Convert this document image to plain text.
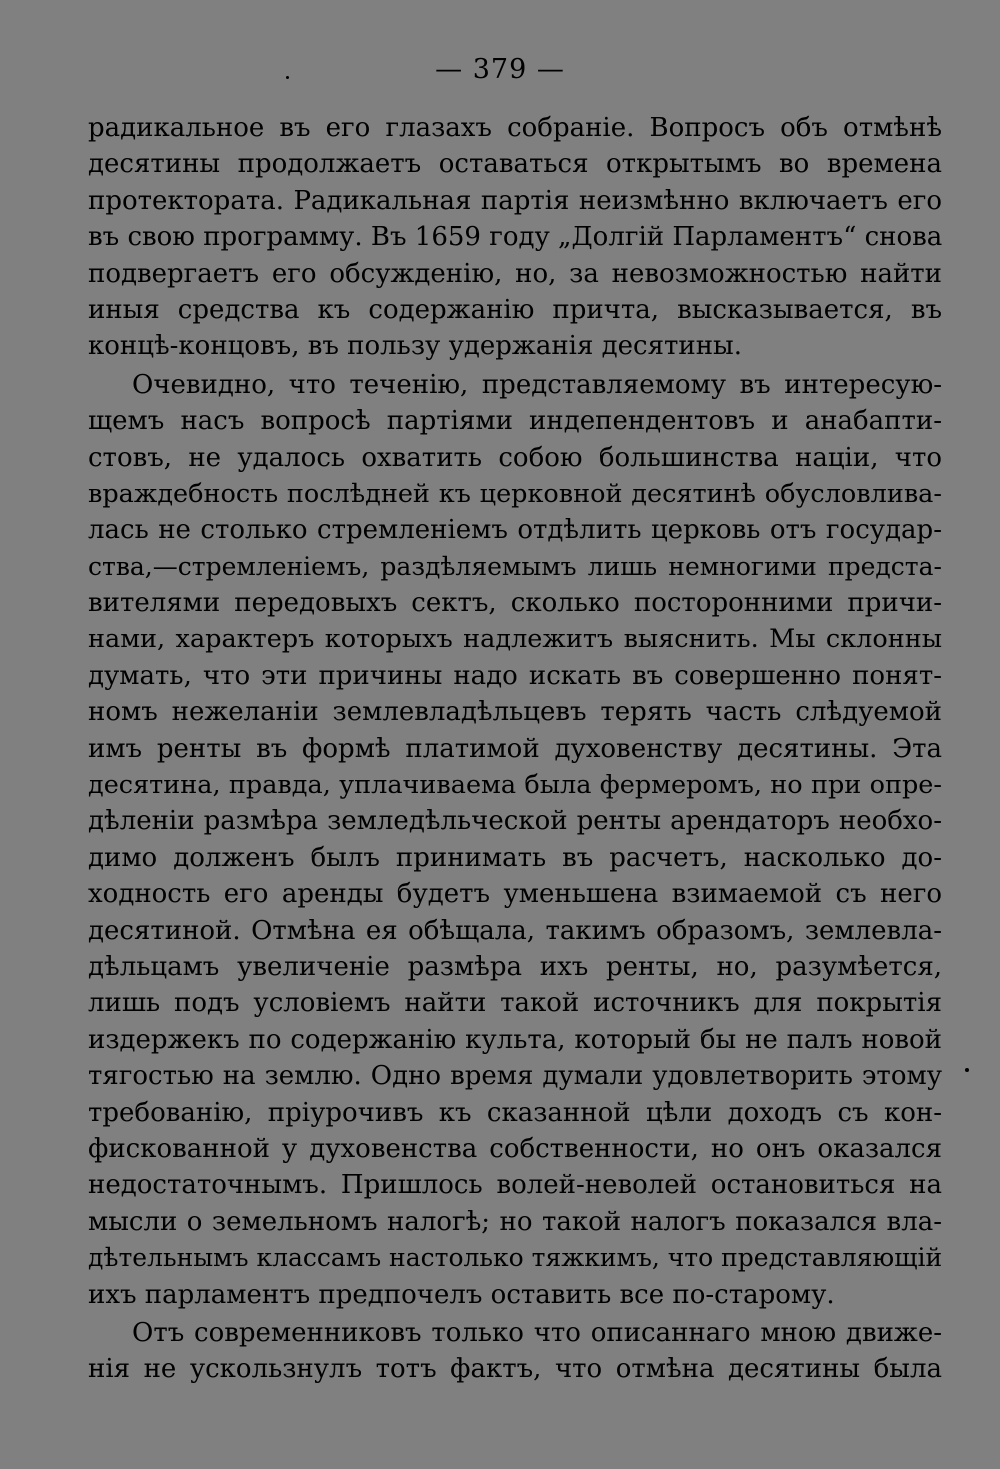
— 379 —
радикальное въ его глазахъ собраніе. Вопросъ объ отмѣнѣ
десятины продолжаетъ оставаться открытымъ во времена
протектората. Радикальная партія неизмѣнно включаетъ его
въ свою программу. Въ 1659 году „Долгій Парламентъ“ снова
подвергаетъ его обсужденію, но, за невозможностью найти
иныя средства къ содержанію причта, высказывается, въ
концѣ-концовъ, въ пользу удержанія десятины.
Очевидно, что теченію, представляемому въ интересую-
щемъ насъ вопросѣ партіями индепендентовъ и анабапти-
стовъ, не удалось охватить собою большинства націи, что
враждебность послѣдней къ церковной десятинѣ обусловлива-
лась не столько стремленіемъ отдѣлить церковь отъ государ-
ства,—стремленіемъ, раздѣляемымъ лишь немногими предста-
вителями передовыхъ сектъ, сколько посторонними причи-
нами, характеръ которыхъ надлежитъ выяснить. Мы склонны
думать, что эти причины надо искать въ совершенно понят-
номъ нежеланіи землевладѣльцевъ терять часть слѣдуемой
имъ ренты въ формѣ платимой духовенству десятины. Эта
десятина, правда, уплачиваема была фермеромъ, но при опре-
дѣленіи размѣра земледѣльческой ренты арендаторъ необхо-
димо долженъ былъ принимать въ расчетъ, насколько до-
ходность его аренды будетъ уменьшена взимаемой съ него
десятиной. Отмѣна ея обѣщала, такимъ образомъ, землевла-
дѣльцамъ увеличеніе размѣра ихъ ренты, но, разумѣется,
лишь подъ условіемъ найти такой источникъ для покрытія
издержекъ по содержанію культа, который бы не палъ новой
тягостью на землю. Одно время думали удовлетворить этому
требованію, пріурочивъ къ сказанной цѣли доходъ съ кон-
фискованной у духовенства собственности, но онъ оказался
недостаточнымъ. Пришлось волей-неволей остановиться на
мысли о земельномъ налогѣ; но такой налогъ показался вла-
дѣтельнымъ классамъ настолько тяжкимъ, что представляющій
ихъ парламентъ предпочелъ оставить все по-старому.
Отъ современниковъ только что описаннаго мною движе-
нія не ускользнулъ тотъ фактъ, что отмѣна десятины была
